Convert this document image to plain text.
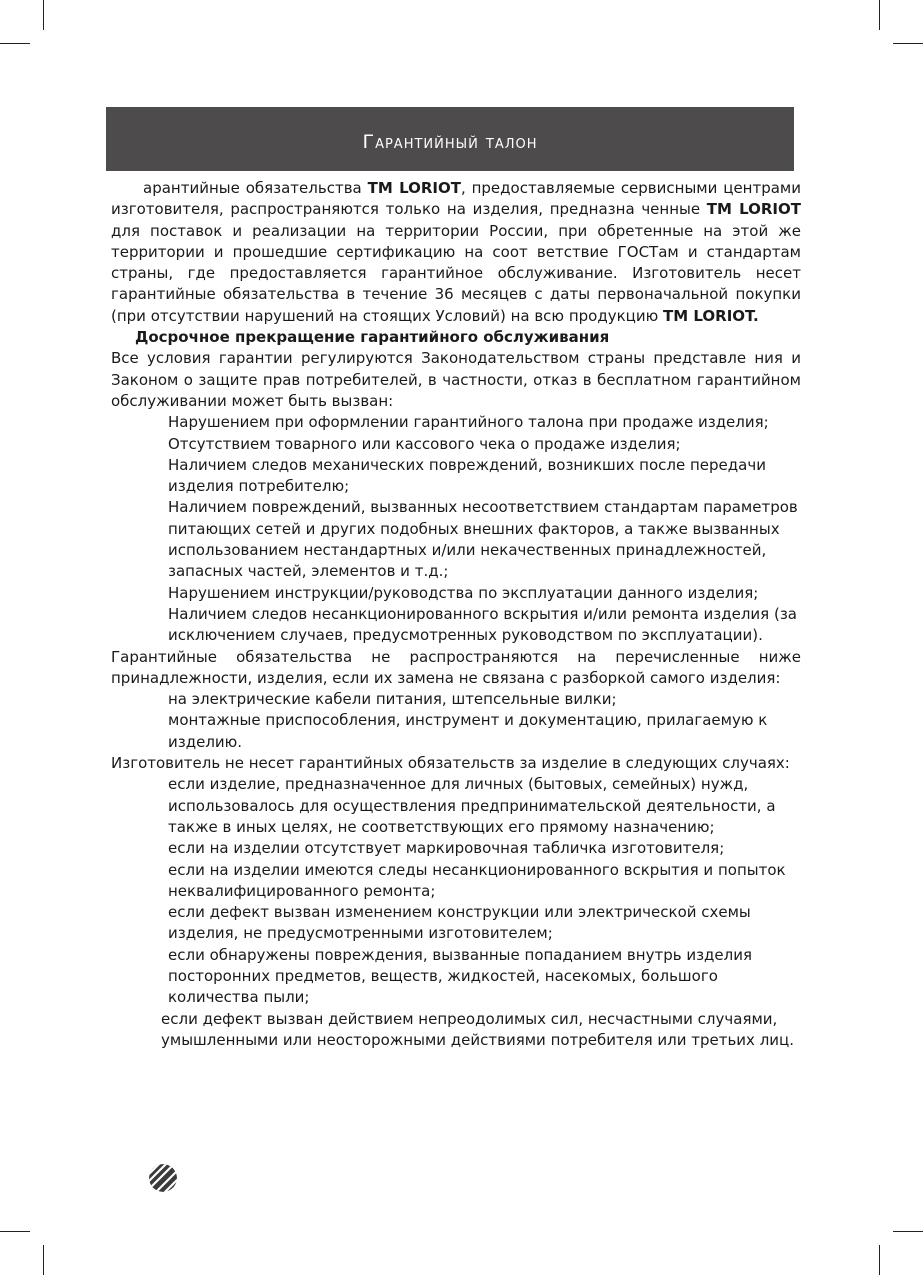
Гарантийный талон

арантийные обязательства TM LORIOT, предоставляемые сервисными центрами изготовителя, распространяются только на изделия, предназна ченные TM LORIOT для поставок и реализации на территории России, при обретенные на этой же территории и прошедшие сертификацию на соот ветствие ГОСТам и стандартам страны, где предоставляется гарантийное обслуживание. Изготовитель несет гарантийные обязательства в течение 36 месяцев с даты первоначальной покупки (при отсутствии нарушений на стоящих Условий) на всю продукцию TM LORIOT.

Досрочное прекращение гарантийного обслуживания

Все условия гарантии регулируются Законодательством страны представле ния и Законом о защите прав потребителей, в частности, отказ в бесплатном гарантийном обслуживании может быть вызван:

Нарушением при оформлении гарантийного талона при продаже изделия;
Отсутствием товарного или кассового чека о продаже изделия;
Наличием следов механических повреждений, возникших после передачи изделия потребителю;
Наличием повреждений, вызванных несоответствием стандартам параметров питающих сетей и других подобных внешних факторов, а также вызванных использованием нестандартных и/или некачественных принадлежностей, запасных частей, элементов и т.д.;
Нарушением инструкции/руководства по эксплуатации данного изделия;
Наличием следов несанкционированного вскрытия и/или ремонта изделия (за исключением случаев, предусмотренных руководством по эксплуатации).

Гарантийные обязательства не распространяются на перечисленные ниже принадлежности, изделия, если их замена не связана с разборкой самого изделия:

на электрические кабели питания, штепсельные вилки;
монтажные приспособления, инструмент и документацию, прилагаемую к изделию.

Изготовитель не несет гарантийных обязательств за изделие в следующих случаях:

если изделие, предназначенное для личных (бытовых, семейных) нужд, использовалось для осуществления предпринимательской деятельности, а также в иных целях, не соответствующих его прямому назначению;
если на изделии отсутствует маркировочная табличка изготовителя;
если на изделии имеются следы несанкционированного вскрытия и попыток неквалифицированного ремонта;
если дефект вызван изменением конструкции или электрической схемы изделия, не предусмотренными изготовителем;
если обнаружены повреждения, вызванные попаданием внутрь изделия посторонних предметов, веществ, жидкостей, насекомых, большого количества пыли;
если дефект вызван действием непреодолимых сил, несчастными случаями, умышленными или неосторожными действиями потребителя или третьих лиц.
